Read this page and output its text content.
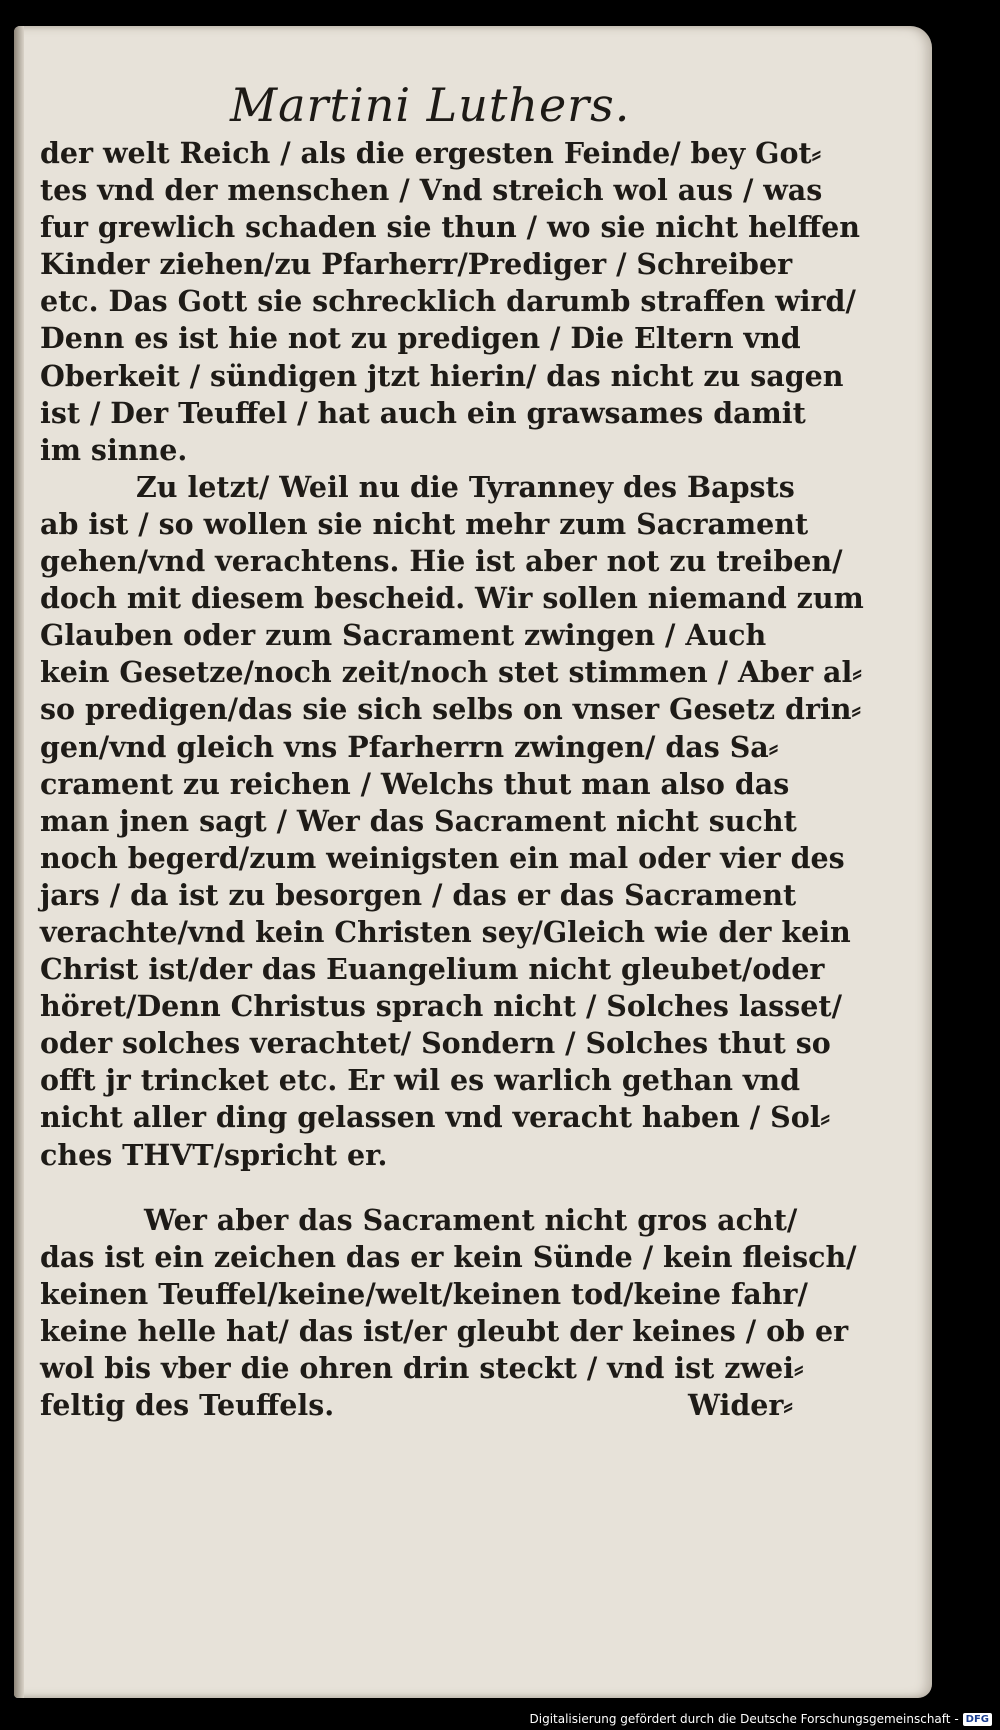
Martini Luthers.
der welt Reich / als die ergesten Feinde/ bey Got⸗
tes vnd der menschen / Vnd streich wol aus / was
fur grewlich schaden sie thun / wo sie nicht helffen
Kinder ziehen/zu Pfarherr/Prediger / Schreiber
etc. Das Gott sie schrecklich darumb straffen wird/
Denn es ist hie not zu predigen / Die Eltern vnd
Oberkeit / sündigen jtzt hierin/ das nicht zu sagen
ist / Der Teuffel / hat auch ein grawsames damit
im sinne.
Zu letzt/ Weil nu die Tyranney des Bapsts
ab ist / so wollen sie nicht mehr zum Sacrament
gehen/vnd verachtens. Hie ist aber not zu treiben/
doch mit diesem bescheid. Wir sollen niemand zum
Glauben oder zum Sacrament zwingen / Auch
kein Gesetze/noch zeit/noch stet stimmen / Aber al⸗
so predigen/das sie sich selbs on vnser Gesetz drin⸗
gen/vnd gleich vns Pfarherrn zwingen/ das Sa⸗
crament zu reichen / Welchs thut man also das
man jnen sagt / Wer das Sacrament nicht sucht
noch begerd/zum weinigsten ein mal oder vier des
jars / da ist zu besorgen / das er das Sacrament
verachte/vnd kein Christen sey/Gleich wie der kein
Christ ist/der das Euangelium nicht gleubet/oder
höret/Denn Christus sprach nicht / Solches lasset/
oder solches verachtet/ Sondern / Solches thut so
offt jr trincket etc. Er wil es warlich gethan vnd
nicht aller ding gelassen vnd veracht haben / Sol⸗
ches THVT/spricht er.
Wer aber das Sacrament nicht gros acht/
das ist ein zeichen das er kein Sünde / kein fleisch/
keinen Teuffel/keine/welt/keinen tod/keine fahr/
keine helle hat/ das ist/er gleubt der keines / ob er
wol bis vber die ohren drin steckt / vnd ist zwei⸗
feltig des Teuffels.	Wider⸗
Digitalisierung gefördert durch die Deutsche Forschungsgemeinschaft - DFG
